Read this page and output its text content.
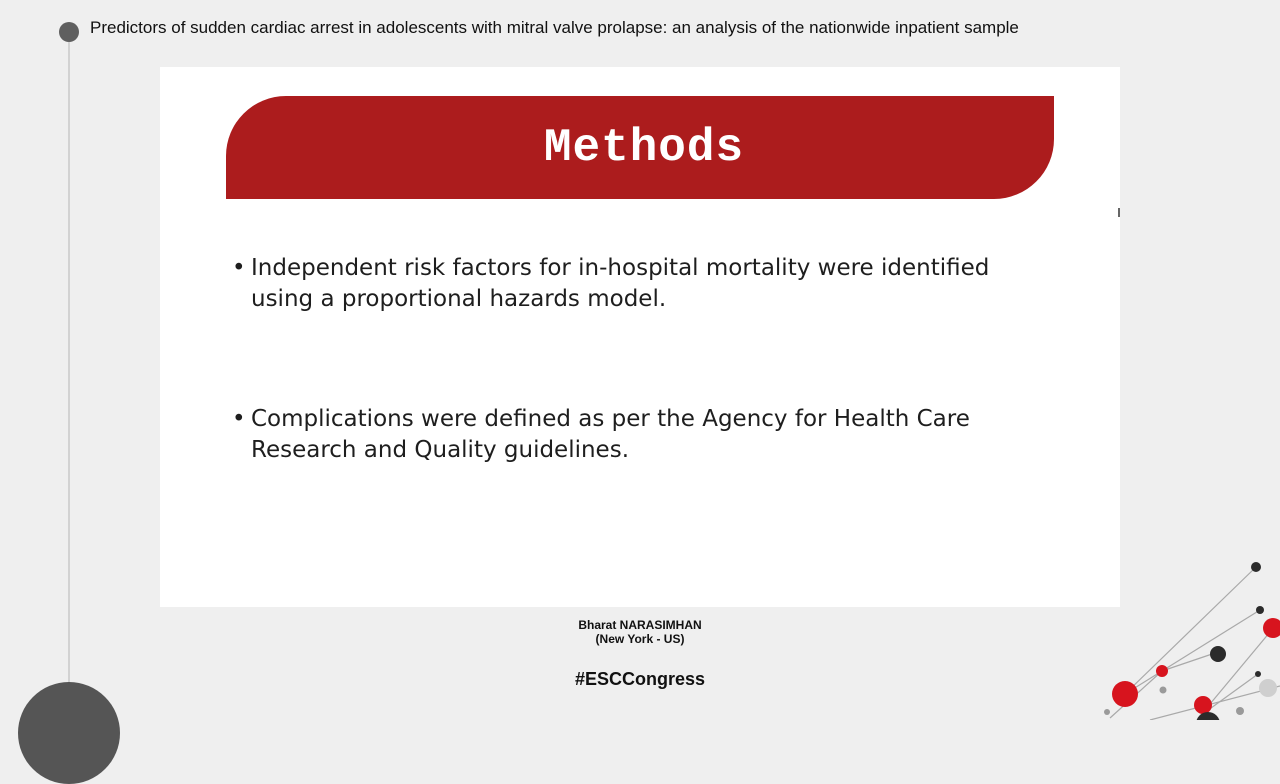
Predictors of sudden cardiac arrest in adolescents with mitral valve prolapse: an analysis of the nationwide inpatient sample
Methods
• Independent risk factors for in-hospital mortality were identified
using a proportional hazards model.
• Complications were defined as per the Agency for Health Care
Research and Quality guidelines.
Bharat NARASIMHAN
(New York - US)
#ESCCongress
